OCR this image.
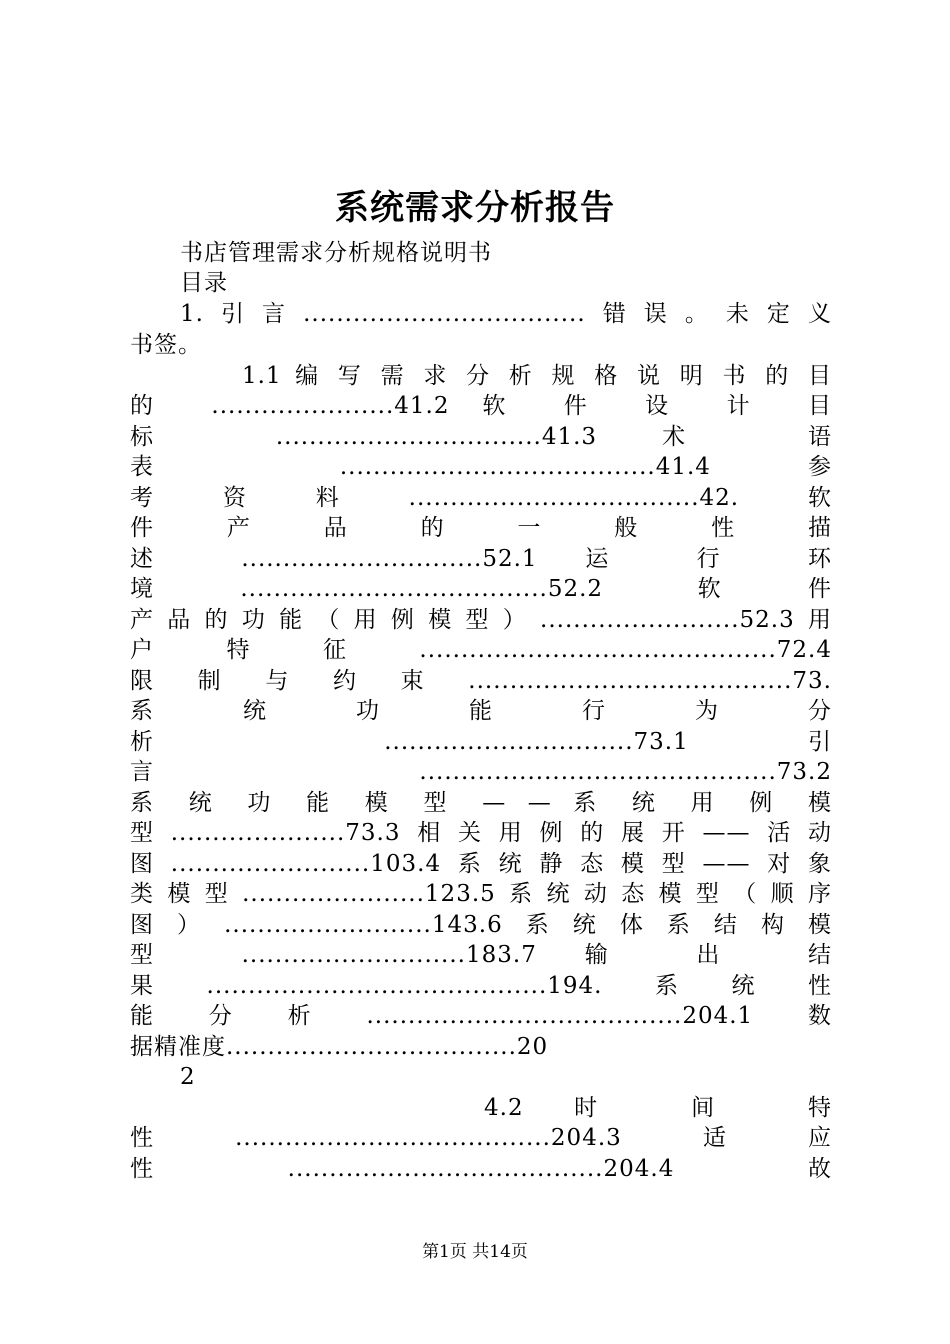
系统需求分析报告
书店管理需求分析规格说明书
目录
1.引言..................................错误。未定义
书签。
1.1 编 写 需 求 分 析 规 格 说 明 书 的 目
的 ......................41.2 软 件 设 计 目
标 ................................41.3 术 语
表 ......................................41.4 参
考资料...................................42.软
件 产 品 的 一 般 性 描
述 .............................52.1 运 行 环
境.....................................52.2 软件
产品的功能（用例模型）........................52.3用
户特征...........................................72.4
限制与约束.......................................73.
系 统 功 能 行 为 分
析 ..............................73.1 引
言 ...........................................73.2
系 统 功 能 模 型 — — 系 统 用 例 模
型.....................73.3相关用例的展开——活动
图........................103.4系统静态模型——对象
类模型......................123.5系统动态模型（顺序
图）.........................143.6系统体系结构模
型 ...........................183.7 输 出 结
果.........................................194.系统性
能分析......................................204.1数
据精准度...................................20
2
4.2 时 间 特
性......................................204.3适应
性......................................204.4故
第1页 共14页
